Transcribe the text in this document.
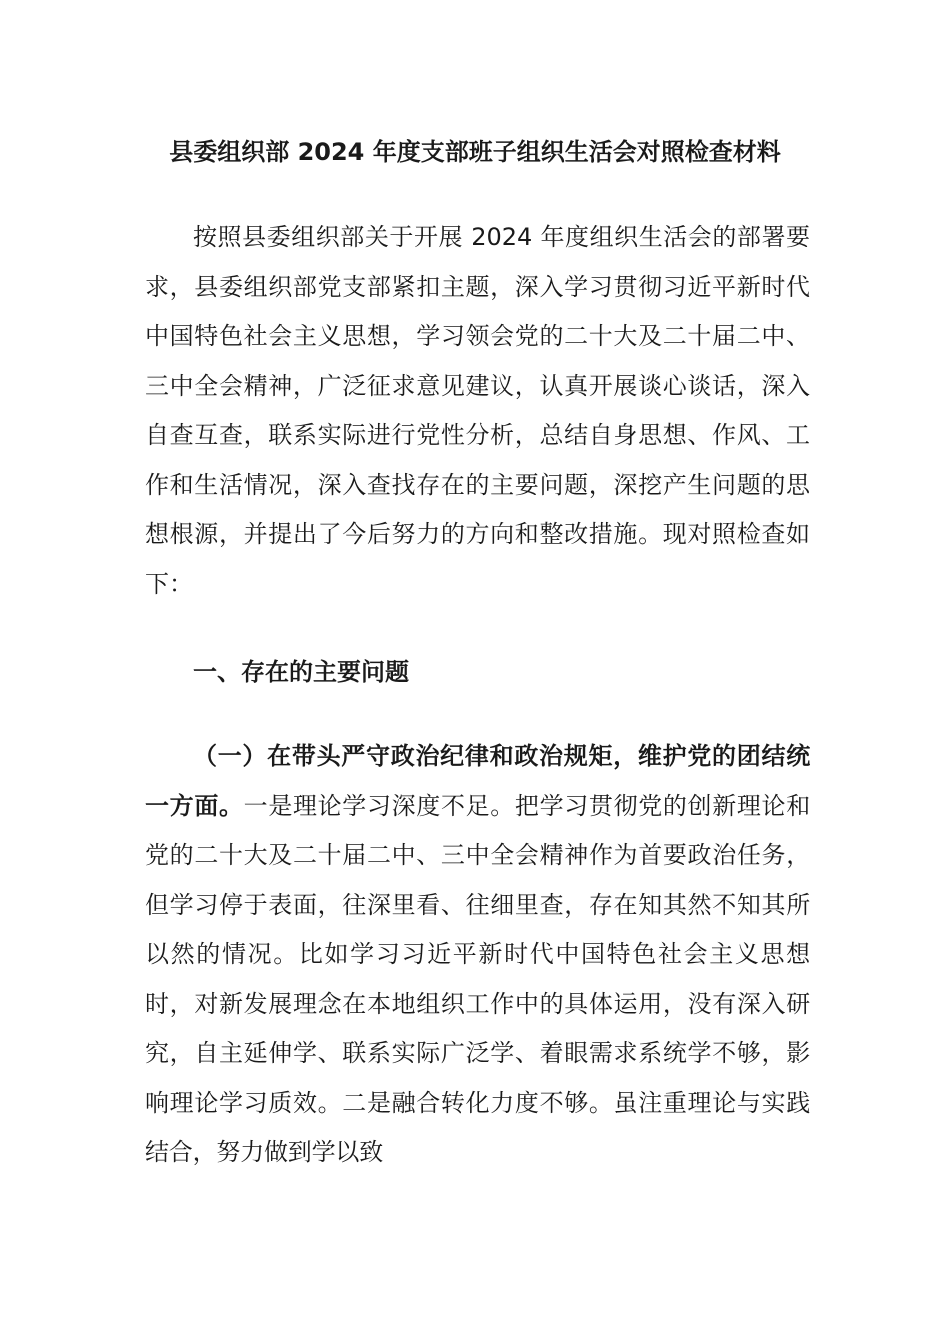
县委组织部 2024 年度支部班子组织生活会对照检查材料

按照县委组织部关于开展 2024 年度组织生活会的部署要求，县委组织部党支部紧扣主题，深入学习贯彻习近平新时代中国特色社会主义思想，学习领会党的二十大及二十届二中、三中全会精神，广泛征求意见建议，认真开展谈心谈话，深入自查互查，联系实际进行党性分析，总结自身思想、作风、工作和生活情况，深入查找存在的主要问题，深挖产生问题的思想根源，并提出了今后努力的方向和整改措施。现对照检查如下：

一、存在的主要问题

（一）在带头严守政治纪律和政治规矩，维护党的团结统一方面。一是理论学习深度不足。把学习贯彻党的创新理论和党的二十大及二十届二中、三中全会精神作为首要政治任务，但学习停于表面，往深里看、往细里查，存在知其然不知其所以然的情况。比如学习习近平新时代中国特色社会主义思想时，对新发展理念在本地组织工作中的具体运用，没有深入研究，自主延伸学、联系实际广泛学、着眼需求系统学不够，影响理论学习质效。二是融合转化力度不够。虽注重理论与实践结合，努力做到学以致
